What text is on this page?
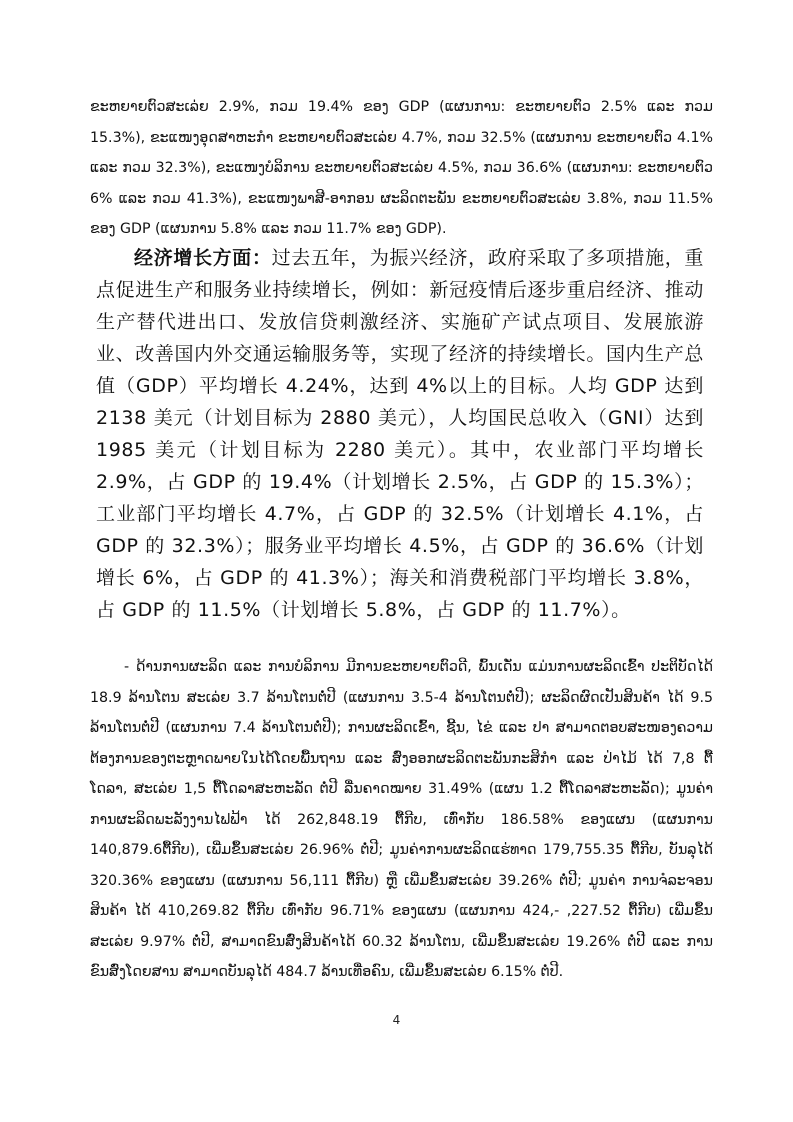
ຂະຫຍາຍຕົວສະເລ່ຍ 2.9%, ກວມ 19.4% ຂອງ GDP (ແຜນການ: ຂະຫຍາຍຕົວ 2.5% ແລະ ກວມ 15.3%), ຂະແໜງອຸດສາຫະກໍາ ຂະຫຍາຍຕົວສະເລ່ຍ 4.7%, ກວມ 32.5% (ແຜນການ ຂະຫຍາຍຕົວ 4.1% ແລະ ກວມ 32.3%), ຂະແໜງບໍລິການ ຂະຫຍາຍຕົວສະເລ່ຍ 4.5%, ກວມ 36.6% (ແຜນການ: ຂະຫຍາຍຕົວ 6% ແລະ ກວມ 41.3%), ຂະແໜງພາສີ-ອາກອນ ຜະລິດຕະພັນ ຂະຫຍາຍຕົວສະເລ່ຍ 3.8%, ກວມ 11.5% ຂອງ GDP (ແຜນການ 5.8% ແລະ ກວມ 11.7% ຂອງ GDP).

经济增长方面：过去五年，为振兴经济，政府采取了多项措施，重点促进生产和服务业持续增长，例如：新冠疫情后逐步重启经济、推动生产替代进出口、发放信贷刺激经济、实施矿产试点项目、发展旅游业、改善国内外交通运输服务等，实现了经济的持续增长。国内生产总值（GDP）平均增长 4.24%，达到 4%以上的目标。人均 GDP 达到 2138 美元（计划目标为 2880 美元），人均国民总收入（GNI）达到 1985 美元（计划目标为 2280 美元）。其中，农业部门平均增长 2.9%，占 GDP 的 19.4%（计划增长 2.5%，占 GDP 的 15.3%）；工业部门平均增长 4.7%，占 GDP 的 32.5%（计划增长 4.1%，占 GDP 的 32.3%）；服务业平均增长 4.5%，占 GDP 的 36.6%（计划增长 6%，占 GDP 的 41.3%）；海关和消费税部门平均增长 3.8%，占 GDP 的 11.5%（计划增长 5.8%，占 GDP 的 11.7%）。

- ດ້ານການຜະລິດ ແລະ ການບໍລິການ ມີການຂະຫຍາຍຕົວດີ, ພົ້ນເດັ່ນ ແມ່ນການຜະລິດເຂົ້າ ປະຕິບັດໄດ້ 18.9 ລ້ານໂຕນ ສະເລ່ຍ 3.7 ລ້ານໂຕນຕໍ່ປີ (ແຜນການ 3.5-4 ລ້ານໂຕນຕໍ່ປີ); ຜະລິດຜົດເປັນສິນຄ້າ ໄດ້ 9.5 ລ້ານໂຕນຕໍ່ປີ (ແຜນການ 7.4 ລ້ານໂຕນຕໍ່ປີ); ການຜະລິດເຂົ້າ, ຊີ້ນ, ໄຂ່ ແລະ ປາ ສາມາດຕອບສະໜອງຄວາມຕ້ອງການຂອງຕະຫຼາດພາຍໃນໄດ້ໂດຍພື້ນຖານ ແລະ ສົ່ງອອກຜະລິດຕະພັນກະສິກໍາ ແລະ ປ່າໄມ້ ໄດ້ 7,8 ຕື້ໂດລາ, ສະເລ່ຍ 1,5 ຕື້ໂດລາສະຫະລັດ ຕໍ່ປີ ລື່ນຄາດໝາຍ 31.49% (ແຜນ 1.2 ຕື້ໂດລາສະຫະລັດ); ມູນຄ່າການຜະລິດພະລັງງານໄຟຟ້າ ໄດ້ 262,848.19 ຕື້ກີບ, ເທົ່າກັບ 186.58% ຂອງແຜນ (ແຜນການ 140,879.6ຕື້ກີບ), ເພີ່ມຂຶ້ນສະເລ່ຍ 26.96% ຕໍ່ປີ; ມູນຄ່າການຜະລິດແຮ່ທາດ 179,755.35 ຕື້ກີບ, ບັນລຸໄດ້ 320.36% ຂອງແຜນ (ແຜນການ 56,111 ຕື້ກີບ) ຫຼື ເພີ່ມຂຶ້ນສະເລ່ຍ 39.26% ຕໍ່ປີ; ມູນຄ່າ ການຈໍລະຈອນສິນຄ້າ ໄດ້ 410,269.82 ຕື້ກີບ ເທົ່າກັບ 96.71% ຂອງແຜນ (ແຜນການ 424,- ,227.52 ຕື້ກີບ) ເພີ່ມຂຶ້ນສະເລ່ຍ 9.97% ຕໍ່ປີ, ສາມາດຂົນສົ່ງສິນຄ້າໄດ້ 60.32 ລ້ານໂຕນ, ເພີ່ມຂຶ້ນສະເລ່ຍ 19.26% ຕໍ່ປີ ແລະ ການຂົນສົ່ງໂດຍສານ ສາມາດບັນລຸໄດ້ 484.7 ລ້ານເທື່ອຄົນ, ເພີ່ມຂຶ້ນສະເລ່ຍ 6.15% ຕໍ່ປີ.

4
